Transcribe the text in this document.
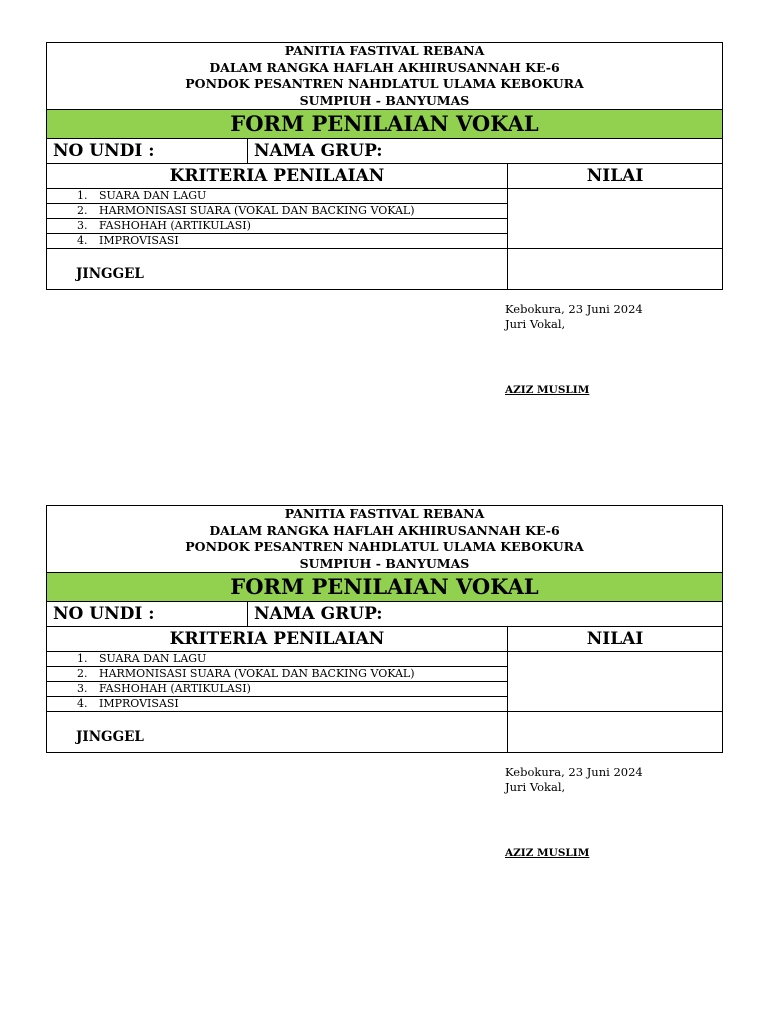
PANITIA FASTIVAL REBANA
DALAM RANGKA HAFLAH AKHIRUSANNAH KE-6
PONDOK PESANTREN NAHDLATUL ULAMA KEBOKURA
SUMPIUH - BANYUMAS		

FORM PENILAIAN VOKAL		
NO UNDI :	NAMA GRUP:	
KRITERIA PENILAIAN		NILAI
1. SUARA DAN LAGU		
2. HARMONISASI SUARA (VOKAL DAN BACKING VOKAL)		
3. FASHOHAH (ARTIKULASI)		
4. IMPROVISASI		

JINGGEL		

Kebokura, 23 Juni 2024
Juri Vokal,
AZIZ MUSLIM
PANITIA FASTIVAL REBANA
DALAM RANGKA HAFLAH AKHIRUSANNAH KE-6
PONDOK PESANTREN NAHDLATUL ULAMA KEBOKURA
SUMPIUH - BANYUMAS		

FORM PENILAIAN VOKAL		
NO UNDI :	NAMA GRUP:	
KRITERIA PENILAIAN		NILAI
1. SUARA DAN LAGU		
2. HARMONISASI SUARA (VOKAL DAN BACKING VOKAL)		
3. FASHOHAH (ARTIKULASI)		
4. IMPROVISASI		

JINGGEL		

Kebokura, 23 Juni 2024
Juri Vokal,
AZIZ MUSLIM
